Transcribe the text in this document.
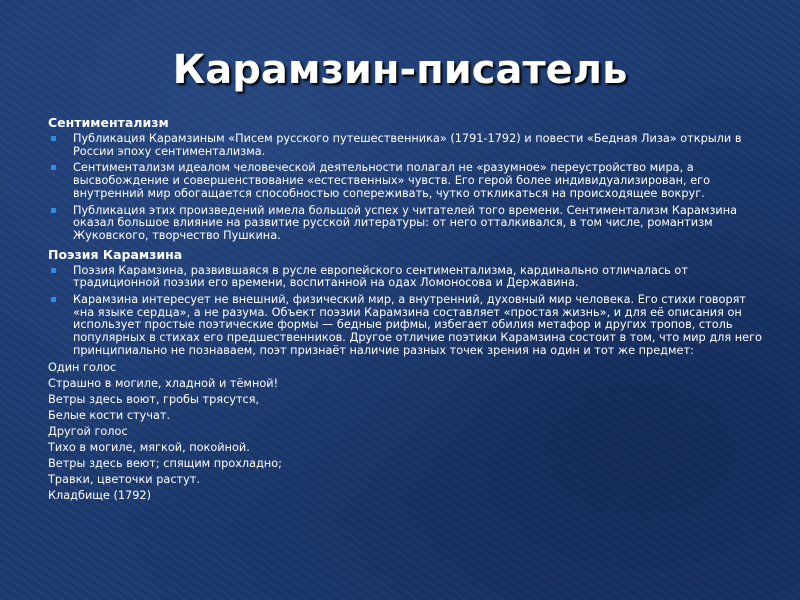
Карамзин-писатель
Сентиментализм
Публикация Карамзиным «Писем русского путешественника» (1791-1792) и повести «Бедная Лиза» открыли в России эпоху сентиментализма.
Сентиментализм идеалом человеческой деятельности полагал не «разумное» переустройство мира, а высвобождение и совершенствование «естественных» чувств. Его герой более индивидуализирован, его внутренний мир обогащается способностью сопереживать, чутко откликаться на происходящее вокруг.
Публикация этих произведений имела большой успех у читателей того времени. Сентиментализм Карамзина оказал большое влияние на развитие русской литературы: от него отталкивался, в том числе, романтизм Жуковского, творчество Пушкина.
Поэзия Карамзина
Поэзия Карамзина, развившаяся в русле европейского сентиментализма, кардинально отличалась от традиционной поэзии его времени, воспитанной на одах Ломоносова и Державина.
Карамзина интересует не внешний, физический мир, а внутренний, духовный мир человека. Его стихи говорят «на языке сердца», а не разума. Объект поэзии Карамзина составляет «простая жизнь», и для её описания он использует простые поэтические формы — бедные рифмы, избегает обилия метафор и других тропов, столь популярных в стихах его предшественников. Другое отличие поэтики Карамзина состоит в том, что мир для него принципиально не познаваем, поэт признаёт наличие разных точек зрения на один и тот же предмет:
Один голос
Страшно в могиле, хладной и тёмной!
Ветры здесь воют, гробы трясутся,
Белые кости стучат.
Другой голос
Тихо в могиле, мягкой, покойной.
Ветры здесь веют; спящим прохладно;
Травки, цветочки растут.
Кладбище (1792)
